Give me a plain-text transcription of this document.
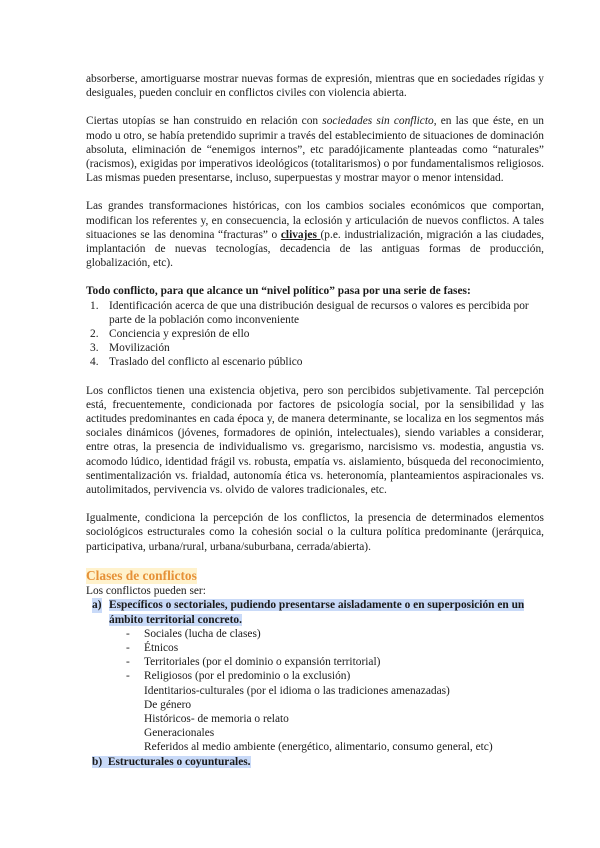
absorberse, amortiguarse mostrar nuevas formas de expresión, mientras que en sociedades rígidas y desiguales, pueden concluir en conflictos civiles con violencia abierta.

Ciertas utopías se han construido en relación con sociedades sin conflicto, en las que éste, en un modo u otro, se había pretendido suprimir a través del establecimiento de situaciones de dominación absoluta, eliminación de “enemigos internos”, etc paradójicamente planteadas como “naturales” (racismos), exigidas por imperativos ideológicos (totalitarismos) o por fundamentalismos religiosos. Las mismas pueden presentarse, incluso, superpuestas y mostrar mayor o menor intensidad.

Las grandes transformaciones históricas, con los cambios sociales económicos que comportan, modifican los referentes y, en consecuencia, la eclosión y articulación de nuevos conflictos. A tales situaciones se las denomina “fracturas” o clivajes (p.e. industrialización, migración a las ciudades, implantación de nuevas tecnologías, decadencia de las antiguas formas de producción, globalización, etc).

Todo conflicto, para que alcance un “nivel político” pasa por una serie de fases:

1. Identificación acerca de que una distribución desigual de recursos o valores es percibida por parte de la población como inconveniente
2. Conciencia y expresión de ello
3. Movilización
4. Traslado del conflicto al escenario público

Los conflictos tienen una existencia objetiva, pero son percibidos subjetivamente. Tal percepción está, frecuentemente, condicionada por factores de psicología social, por la sensibilidad y las actitudes predominantes en cada época y, de manera determinante, se localiza en los segmentos más sociales dinámicos (jóvenes, formadores de opinión, intelectuales), siendo variables a considerar, entre otras, la presencia de individualismo vs. gregarismo, narcisismo vs. modestia, angustia vs. acomodo lúdico, identidad frágil vs. robusta, empatía vs. aislamiento, búsqueda del reconocimiento, sentimentalización vs. frialdad, autonomía ética vs. heteronomía, planteamientos aspiracionales vs. autolimitados, pervivencia vs. olvido de valores tradicionales, etc.

Igualmente, condiciona la percepción de los conflictos, la presencia de determinados elementos sociológicos estructurales como la cohesión social o la cultura política predominante (jerárquica, participativa, urbana/rural, urbana/suburbana, cerrada/abierta).

Clases de conflictos

Los conflictos pueden ser:

a) Específicos o sectoriales, pudiendo presentarse aisladamente o en superposición en un ámbito territorial concreto.
- Sociales (lucha de clases)
- Étnicos
- Territoriales (por el dominio o expansión territorial)
- Religiosos (por el predominio o la exclusión)
Identitarios-culturales (por el idioma o las tradiciones amenazadas)
De género
Históricos- de memoria o relato
Generacionales
Referidos al medio ambiente (energético, alimentario, consumo general, etc)
b) Estructurales o coyunturales.
